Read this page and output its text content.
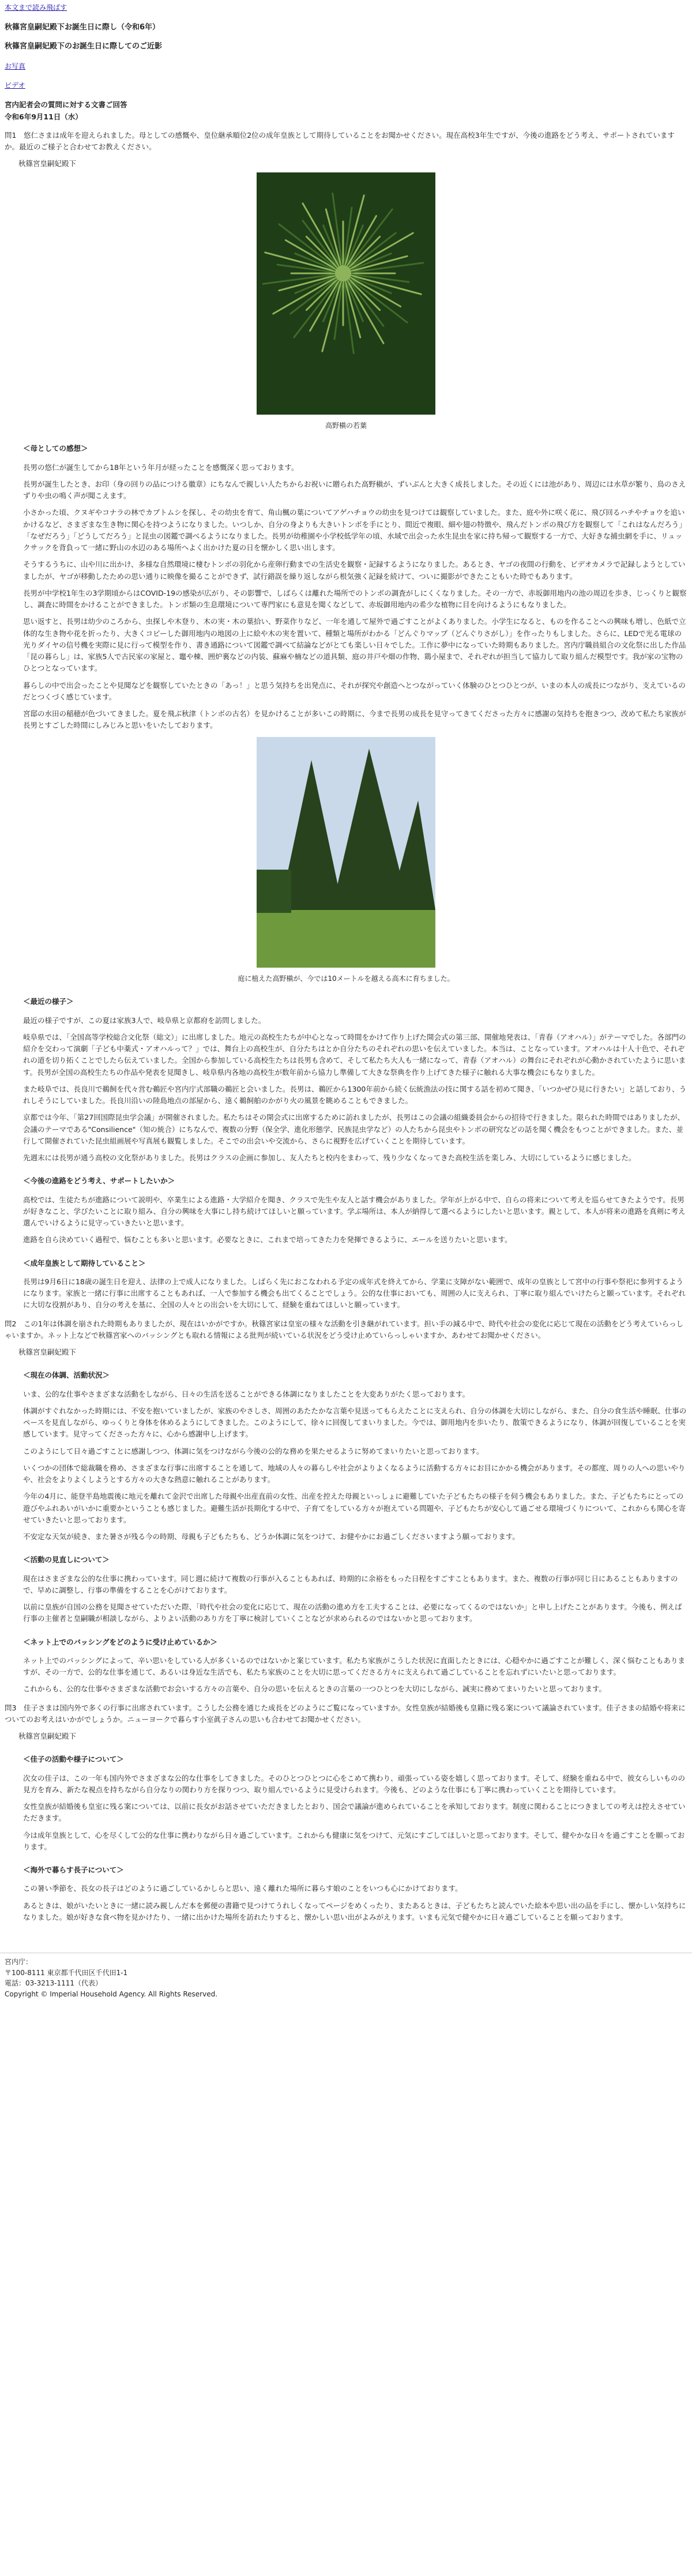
本文まで読み飛ばす
秋篠宮皇嗣妃殿下お誕生日に際し（令和6年）
秋篠宮皇嗣妃殿下のお誕生日に際してのご近影
お写真
ビデオ
宮内記者会の質問に対する文書ご回答
令和6年9月11日（水）

問1　悠仁さまは成年を迎えられました。母としての感慨や、皇位継承順位2位の成年皇族として期待していることをお聞かせください。現在高校3年生ですが、今後の進路をどう考え、サポートされていますか。最近のご様子と合わせてお教えください。

秋篠宮皇嗣妃殿下

高野槇の若葉
＜母としての感想＞

長男の悠仁が誕生してから18年という年月が経ったことを感慨深く思っております。

長男が誕生したとき、お印（身の回りの品につける徽章）にちなんで親しい人たちからお祝いに贈られた高野槇が、ずいぶんと大きく成長しました。その近くには池があり、周辺には水草が繁り、鳥のさえずりや虫の鳴く声が聞こえます。

小さかった頃、クヌギやコナラの林でカブトムシを探し、その幼虫を育て、角山楓の葉についてアゲハチョウの幼虫を見つけては観察していました。また、庭や外に咲く花に、飛び回るハチやチョウを追いかけるなど、さまざまな生き物に関心を持つようになりました。いつしか、自分の身よりも大きいトンボを手にとり、間近で複眼、細や翅の特徴や、飛んだトンボの飛び方を観察して「これはなんだろう」「なぜだろう」「どうしてだろう」と昆虫の図鑑で調べるようになりました。長男が幼稚園や小学校低学年の頃、水域で出会った水生昆虫を家に持ち帰って観察する一方で、大好きな捕虫網を手に、リュックサックを背負って一緒に野山の水辺のある場所へよく出かけた夏の日を懐かしく思い出します。

そうするうちに、山や川に出かけ、多様な自然環境に棲むトンボの羽化から産卵行動までの生活史を観察・記録するようになりました。あるとき、ヤゴの夜間の行動を、ビデオカメラで記録しようとしていましたが、ヤゴが移動したための思い通りに映像を撮ることができず、試行錯誤を繰り返しながら根気強く記録を続けて、ついに撮影ができたこともいた時でもあります。

長男が中学校1年生の3学期頃からはCOVID-19の感染が広がり、その影響で、しばらくは離れた場所でのトンボの調査がしにくくなりました。その一方で、赤坂御用地内の池の周辺を歩き、じっくりと観察し、調査に時間をかけることができました。トンボ類の生息環境について専門家にも意見を聞くなどして、赤坂御用地内の希少な植物に目を向けるようにもなりました。

思い返すと、長男は幼少のころから、虫探しや木登り、木の実・木の葉拾い、野菜作りなど、一年を通して屋外で過ごすことがよくありました。小学生になると、ものを作ることへの興味も増し、色紙で立体的な生き物や花を折ったり、大きくコピーした御用地内の地図の上に絵や木の実を置いて、種類と場所がわかる「どんぐりマップ（どんぐりさがし）」を作ったりもしました。さらに、LEDで光る電球の光りダイヤの信号機を実際に見に行って模型を作り、書き通路について図鑑で調べて結論などがとても楽しい日々でした。工作に夢中になっていた時期もありました。宮内庁職員組合の文化祭に出した作品「昆の暮らし」は、家族5人で古民家の家屋と、竈や棟、囲炉裏などの内装、蘇麻や楠などの道具類、庭の井戸や畑の作物、鶏小屋まで、それぞれが担当して協力して取り組んだ模型です。我が家の宝物のひとつとなっています。

暮らしの中で出会ったことや見聞などを観察していたときの「あっ！」と思う気持ちを出発点に、それが探究や創造へとつながっていく体験のひとつひとつが、いまの本人の成長につながり、支えているのだとつくづく感じています。

宮邸の水田の稲穂が色づいてきました。夏を飛ぶ秋津（トンボの古名）を見かけることが多いこの時期に、今まで長男の成長を見守ってきてくださった方々に感謝の気持ちを抱きつつ、改めて私たち家族が長男とすごした時間にしみじみと思いをいたしております。

庭に植えた高野槇が、今では10メートルを越える高木に育ちました。
＜最近の様子＞

最近の様子ですが、この夏は家族3人で、岐阜県と京都府を訪問しました。

岐阜県では、「全国高等学校総合文化祭（総文）」に出席しました。地元の高校生たちが中心となって時間をかけて作り上げた開会式の第三部、開催地発表は、「青春（アオハル）」がテーマでした。各部門の紹介を交わって演劇「子ども中薬式・アオハルって？」では、舞台上の高校生が、自分たちはとか自分たちのそれぞれの思いを伝えていました。本当は、ことなっています。アオハルは十人十色で、それぞれの道を切り拓くことでしたら伝えていました。全国から参加している高校生たちは長男も含めて、そして私たち大人も一緒になって、青春（アオハル）の舞台にそれぞれが心動かされていたように思います。長男が全国の高校生たちの作品や発表を見聞きし、岐阜県内各地の高校生が数年前から協力し準備して大きな祭典を作り上げてきた様子に触れる大事な機会にもなりました。

また岐阜では、長良川で鵜飼を代々営む鵜匠や宮内庁式部職の鵜匠と会いました。長男は、鵜匠から1300年前から続く伝統漁法の技に関する話を初めて聞き、「いつかぜひ見に行きたい」と話しており、うれしそうにしていました。長良川沿いの陸島地点の部屋から、遠く鵜飼舶のかがり火の風景を眺めることもできました。

京都では今年、「第27回国際昆虫学会議」が開催されました。私たちはその開会式に出席するために訪れましたが、長男はこの会議の組織委員会からの招待で行きました。限られた時間ではありましたが、会議のテーマである"Consilience"（知の統合）にちなんで、複数の分野（保全学、進化形態学、民族昆虫学など）の人たちから昆虫やトンボの研究などの話を聞く機会をもつことができました。また、並行して開催されていた昆虫組画展や写真展も観覧しました。そこでの出会いや交流から、さらに視野を広げていくことを期待しています。

先週末には長男が通う高校の文化祭がありました。長男はクラスの企画に参加し、友人たちと校内をまわって、残り少なくなってきた高校生活を楽しみ、大切にしているように感じました。

＜今後の進路をどう考え、サポートしたいか＞

高校では、生徒たちが進路について説明や、卒業生による進路・大学紹介を聞き、クラスで先生や友人と話す機会がありました。学年が上がる中で、自らの将来について考えを巡らせてきたようです。長男が好きなこと、学びたいことに取り組み、自分の興味を大事にし持ち続けてほしいと願っています。学ぶ場所は、本人が納得して選べるようにしたいと思います。親として、本人が将来の進路を真剣に考え選んでいけるように見守っていきたいと思います。

進路を自ら決めていく過程で、悩むことも多いと思います。必要なときに、これまで培ってきた力を発揮できるように、エールを送りたいと思います。

＜成年皇族として期待していること＞

長男は9月6日に18歳の誕生日を迎え、法律の上で成人になりました。しばらく先におこなわれる予定の成年式を終えてから、学業に支障がない範囲で、成年の皇族として宮中の行事や祭祀に参列するようになります。家族と一緒に行事に出席することもあれば、一人で参加する機会も出てくることでしょう。公的な仕事においても、周囲の人に支えられ、丁寧に取り組んでいけたらと願っています。それぞれに大切な役割があり、自分の考えを基に、全国の人々との出会いを大切にして、経験を重ねてほしいと願っています。

問2　この1年は体調を崩された時期もありましたが、現在はいかがですか。秋篠宮家は皇室の様々な活動を引き継がれています。担い手の減る中で、時代や社会の変化に応じて現在の活動をどう考えていらっしゃいますか。ネット上などで秋篠宮家へのバッシングとも取れる情報による批判が続いている状況をどう受け止めていらっしゃいますか、あわせてお聞かせください。

秋篠宮皇嗣妃殿下

＜現在の体調、活動状況＞

いま、公的な仕事やさまざまな活動をしながら、日々の生活を送ることができる体調になりましたことを大変ありがたく思っております。

体調がすぐれなかった時期には、不安を抱いていましたが、家族のやさしさ、周囲のあたたかな言葉や見送ってもらえたことに支えられ、自分の体調を大切にしながら、また、自分の食生活や睡眠、仕事のペースを見直しながら、ゆっくりと身体を休めるようにしてきました。このようにして、徐々に回復してまいりました。今では、御用地内を歩いたり、散策できるようになり、体調が回復していることを実感しています。見守ってくださった方々に、心から感謝申し上げます。

このようにして日々過ごすことに感謝しつつ、体調に気をつけながら今後の公的な務めを果たせるように努めてまいりたいと思っております。

いくつかの団体で総裁職を務め、さまざまな行事に出席することを通して、地域の人々の暮らしや社会がよりよくなるように活動する方々にお目にかかる機会があります。その都度、周りの人への思いやりや、社会をよりよくしようとする方々の大きな熱意に触れることがあります。

今年の4月に、能登半島地震後に地元を離れて金沢で出席した母親や出産直前の女性、出産を控えた母親といっしょに避難していた子どもたちの様子を伺う機会もありました。また、子どもたちにとっての遊びやふれあいがいかに重要かということも感じました。避難生活が長期化する中で、子育てをしている方々が抱えている問題や、子どもたちが安心して過ごせる環境づくりについて、これからも関心を寄せていきたいと思っております。

不安定な天気が続き、また暑さが残る今の時期、母親も子どもたちも、どうか体調に気をつけて、お健やかにお過ごしくださいますよう願っております。

＜活動の見直しについて＞

現在はさまざまな公的な仕事に携わっています。同じ週に続けて複数の行事が入ることもあれば、時期的に余裕をもった日程をすごすこともあります。また、複数の行事が同じ日にあることもありますので、早めに調整し、行事の準備をすることを心がけております。

以前に皇族が自国の公務を見聞させていただいた際、「時代や社会の変化に応じて、現在の活動の進め方を工夫することは、必要になってくるのではないか」と申し上げたことがあります。今後も、例えば行事の主催者と皇嗣職が相談しながら、よりよい活動のあり方を丁寧に検討していくことなどが求められるのではないかと思っております。

＜ネット上でのバッシングをどのように受け止めているか＞

ネット上でのバッシングによって、辛い思いをしている人が多くいるのではないかと案じています。私たち家族がこうした状況に直面したときには、心穏やかに過ごすことが難しく、深く悩むこともありますが、その一方で、公的な仕事を通じて、あるいは身近な生活でも、私たち家族のことを大切に思ってくださる方々に支えられて過ごしていることを忘れずにいたいと思っております。

これからも、公的な仕事やさまざまな活動でお会いする方々の言葉や、自分の思いを伝えるときの言葉の一つひとつを大切にしながら、誠実に務めてまいりたいと思っております。

問3　佳子さまは国内外で多くの行事に出席されています。こうした公務を通じた成長をどのようにご覧になっていますか。女性皇族が結婚後も皇籍に残る案について議論されています。佳子さまの結婚や将来についてのお考えはいかがでしょうか。ニューヨークで暮らす小室眞子さんの思いも合わせてお聞かせください。

秋篠宮皇嗣妃殿下

＜佳子の活動や様子について＞

次女の佳子は、この一年も国内外でさまざまな公的な仕事をしてきました。そのひとつひとつに心をこめて携わり、頑張っている姿を嬉しく思っております。そして、経験を重ねる中で、彼女らしいものの見方を育み、新たな視点を持ちながら自分なりの関わり方を探りつつ、取り組んでいるように見受けられます。今後も、どのような仕事にも丁寧に携わっていくことを期待しています。

女性皇族が結婚後も皇室に残る案については、以前に長女がお話させていただきましたとおり、国会で議論が進められていることを承知しております。制度に関わることにつきましての考えは控えさせていただきます。

今は成年皇族として、心を尽くして公的な仕事に携わりながら日々過ごしています。これからも健康に気をつけて、元気にすごしてほしいと思っております。そして、健やかな日々を過ごすことを願っております。

＜海外で暮らす長子について＞

この暑い季節を、長女の長子はどのように過ごしているかしらと思い、遠く離れた場所に暮らす娘のことをいつも心にかけております。

あるときは、娘がいたいときに一緒に読み親しんだ本を郵便の書籍で見つけてうれしくなってページをめくったり、またあるときは、子どもたちと読んでいた絵本や思い出の品を手にし、懐かしい気持ちになりました。娘が好きな食べ物を見かけたり、一緒に出かけた場所を訪れたりすると、懐かしい思い出がよみがえります。いまも元気で健やかに日々過ごしていることを願っております。

宮内庁：
〒100-8111 東京都千代田区千代田1-1
電話：03-3213-1111（代表）
Copyright © Imperial Household Agency. All Rights Reserved.
